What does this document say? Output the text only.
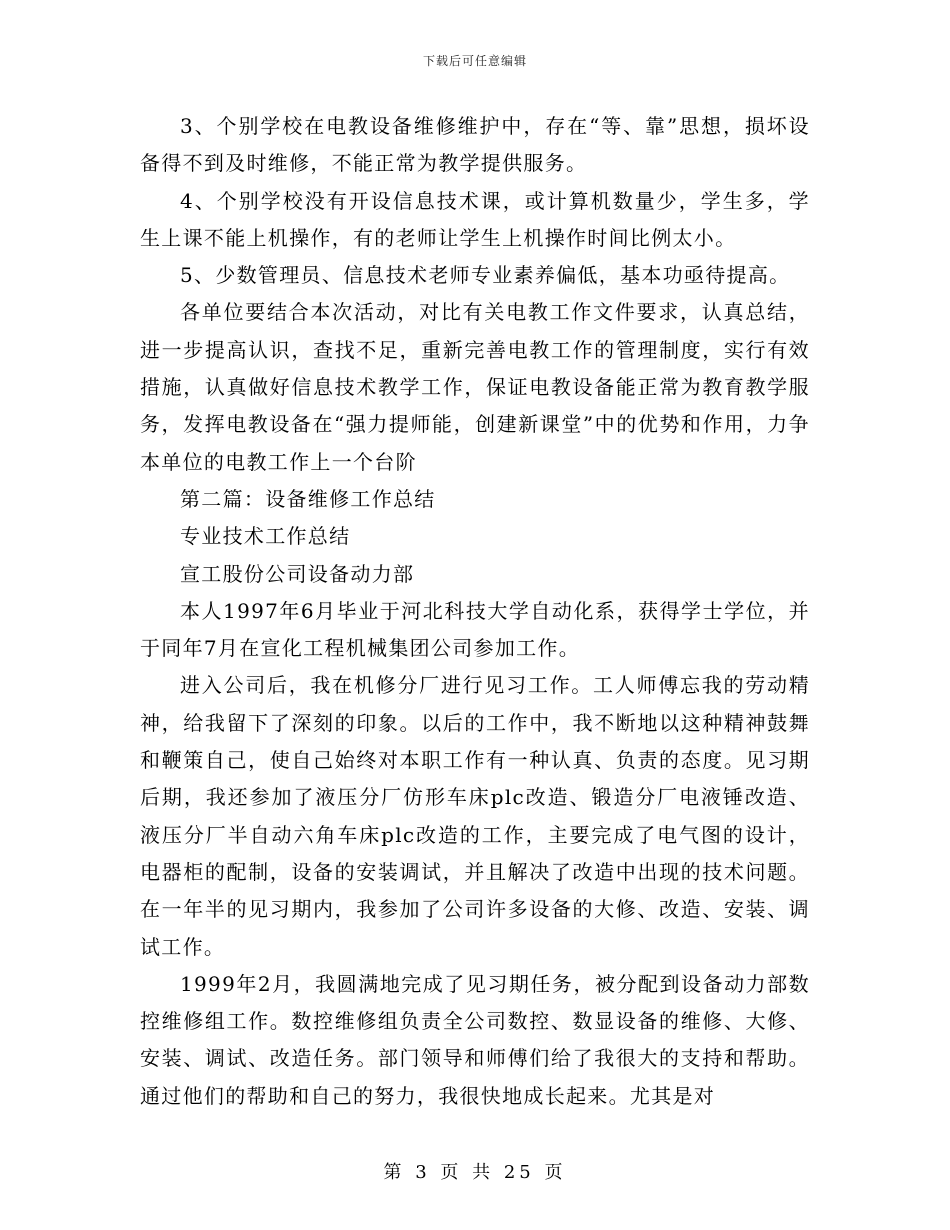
下载后可任意编辑

3、个别学校在电教设备维修维护中，存在“等、靠”思想，损坏设备得不到及时维修，不能正常为教学提供服务。

4、个别学校没有开设信息技术课，或计算机数量少，学生多，学生上课不能上机操作，有的老师让学生上机操作时间比例太小。

5、少数管理员、信息技术老师专业素养偏低，基本功亟待提高。

各单位要结合本次活动，对比有关电教工作文件要求，认真总结，进一步提高认识，查找不足，重新完善电教工作的管理制度，实行有效措施，认真做好信息技术教学工作，保证电教设备能正常为教育教学服务，发挥电教设备在“强力提师能，创建新课堂”中的优势和作用，力争本单位的电教工作上一个台阶

第二篇：设备维修工作总结

专业技术工作总结

宣工股份公司设备动力部

本人1997年6月毕业于河北科技大学自动化系，获得学士学位，并于同年7月在宣化工程机械集团公司参加工作。

进入公司后，我在机修分厂进行见习工作。工人师傅忘我的劳动精神，给我留下了深刻的印象。以后的工作中，我不断地以这种精神鼓舞和鞭策自己，使自己始终对本职工作有一种认真、负责的态度。见习期后期，我还参加了液压分厂仿形车床plc改造、锻造分厂电液锤改造、液压分厂半自动六角车床plc改造的工作，主要完成了电气图的设计，电器柜的配制，设备的安装调试，并且解决了改造中出现的技术问题。在一年半的见习期内，我参加了公司许多设备的大修、改造、安装、调试工作。

1999年2月，我圆满地完成了见习期任务，被分配到设备动力部数控维修组工作。数控维修组负责全公司数控、数显设备的维修、大修、安装、调试、改造任务。部门领导和师傅们给了我很大的支持和帮助。通过他们的帮助和自己的努力，我很快地成长起来。尤其是对

第 3 页 共 25 页
